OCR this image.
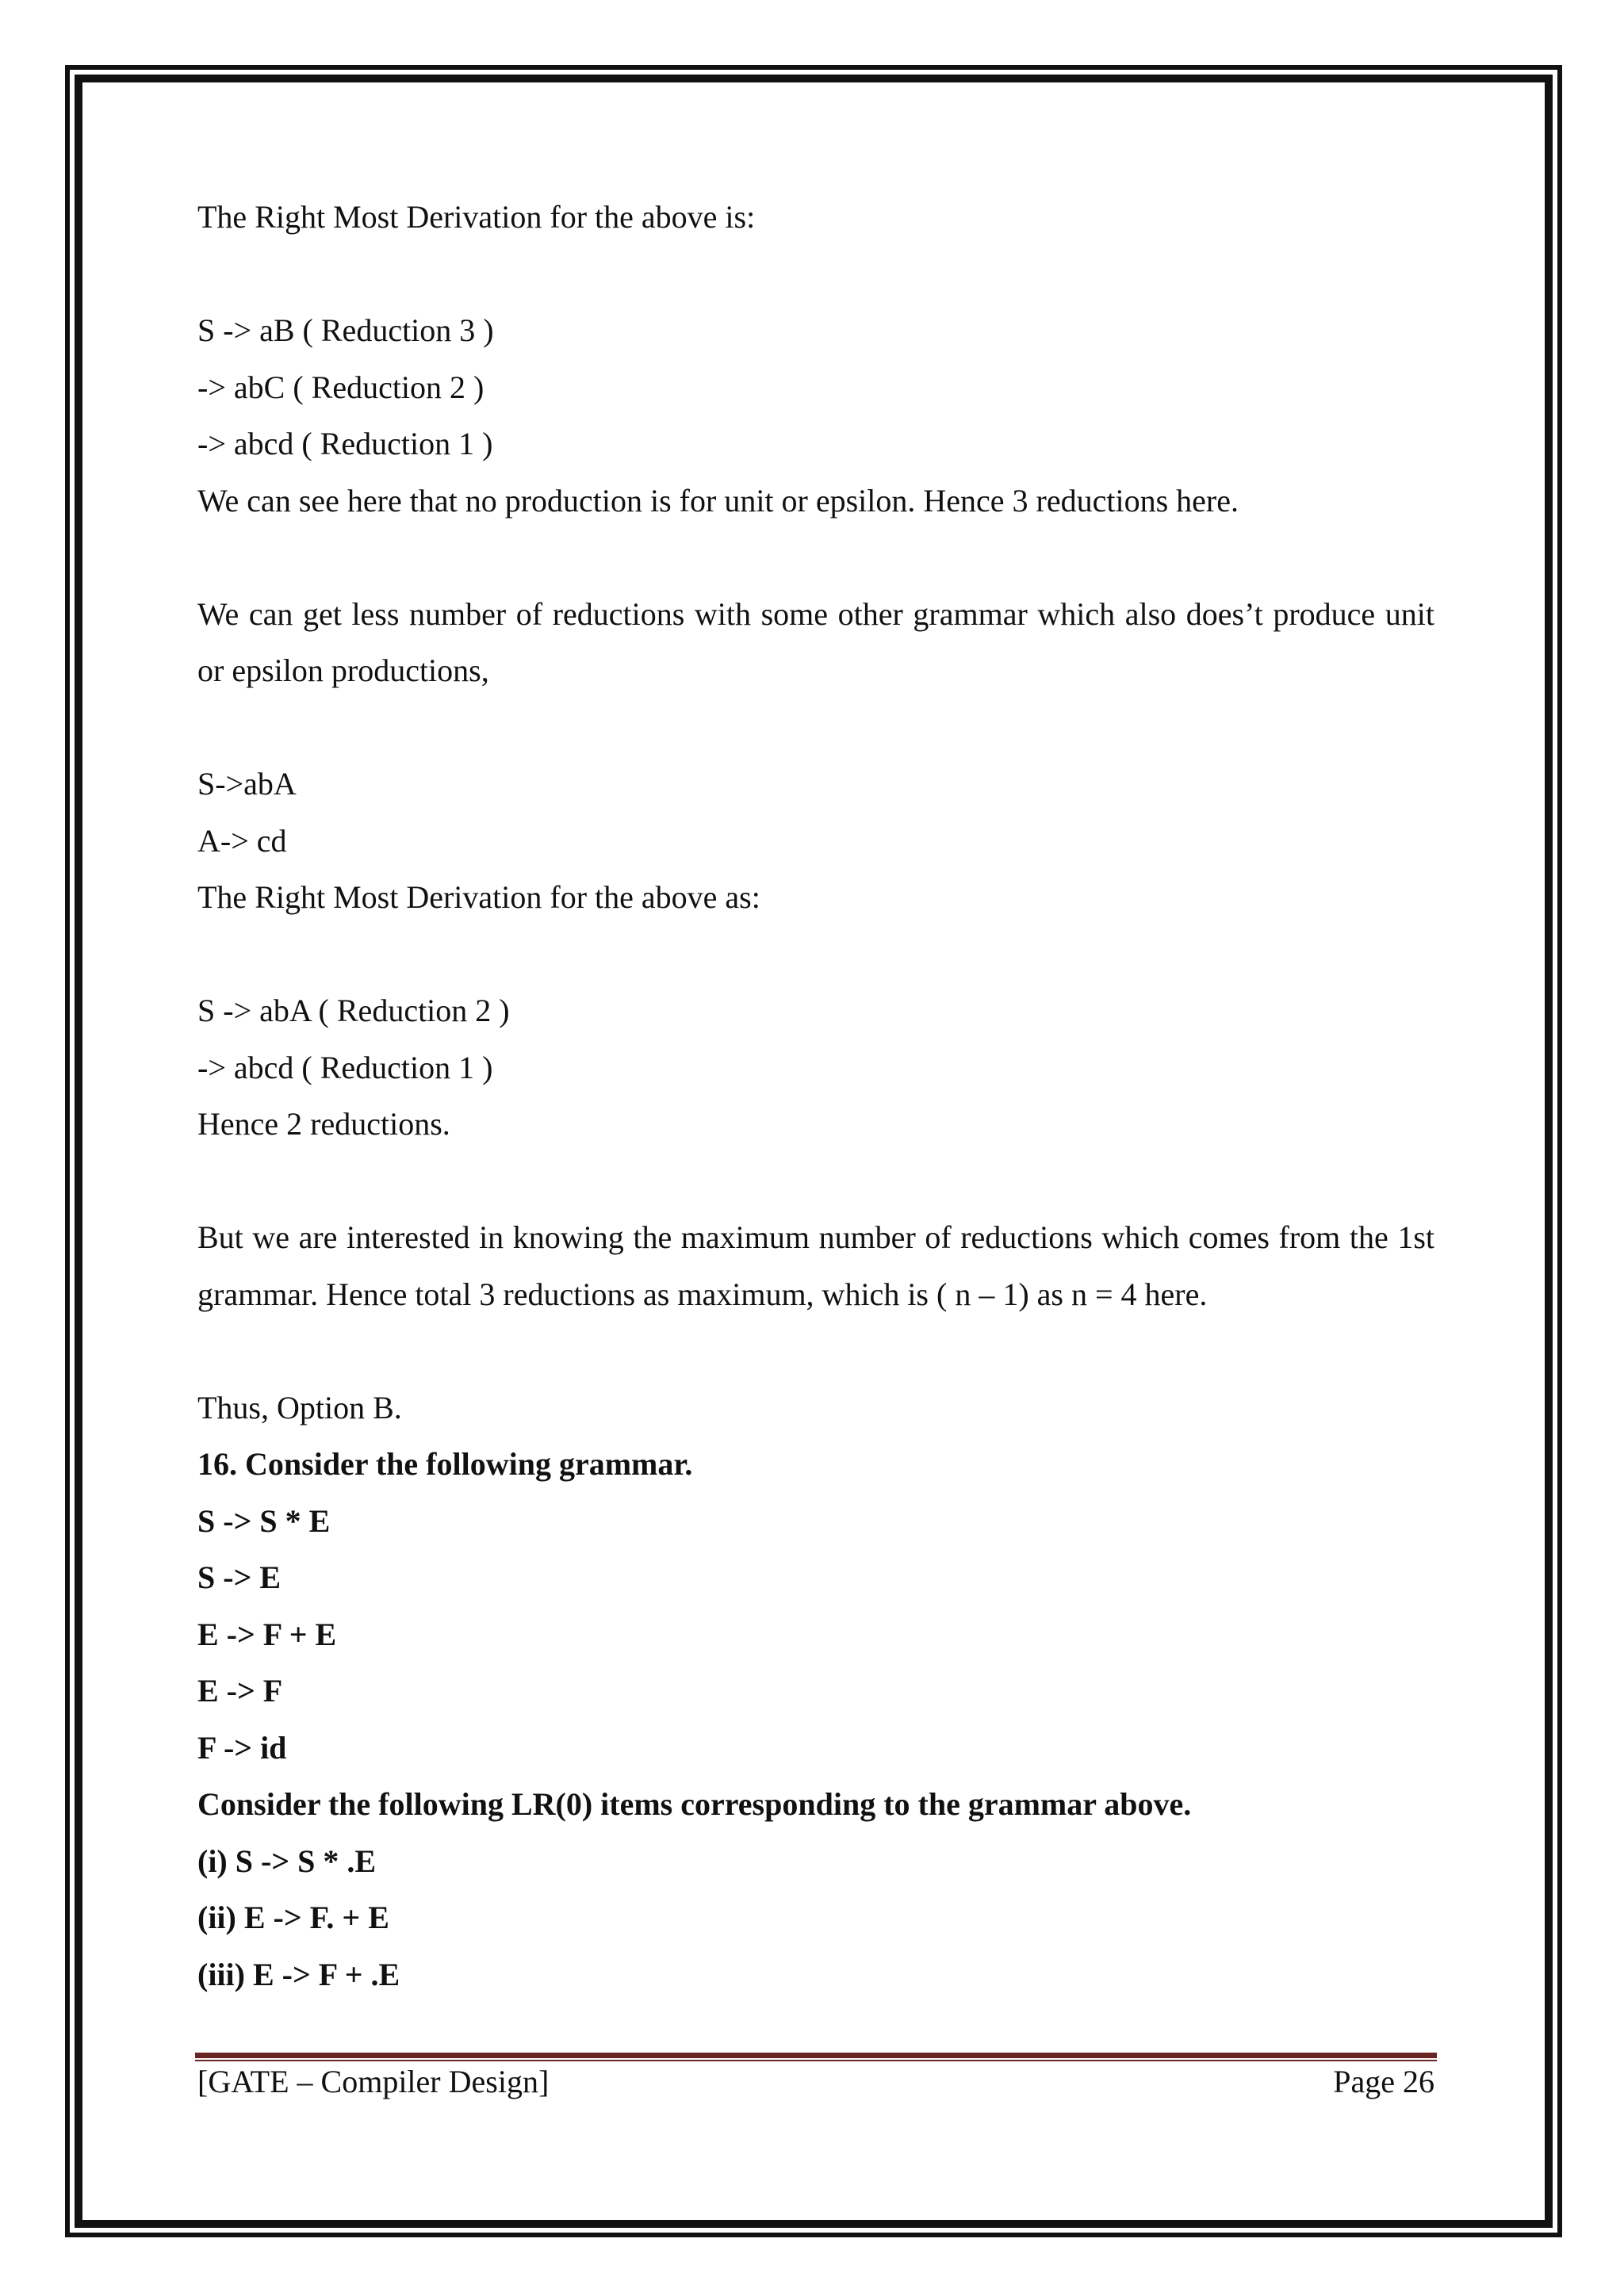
The Right Most Derivation for the above is:

S -> aB ( Reduction 3 )

-> abC ( Reduction 2 )

-> abcd ( Reduction 1 )

We can see here that no production is for unit or epsilon. Hence 3 reductions here.

We can get less number of reductions with some other grammar which also does’t produce unit or epsilon productions,

S->abA

A-> cd

The Right Most Derivation for the above as:

S -> abA ( Reduction 2 )

-> abcd ( Reduction 1 )

Hence 2 reductions.

But we are interested in knowing the maximum number of reductions which comes from the 1st grammar. Hence total 3 reductions as maximum, which is ( n – 1) as n = 4 here.

Thus, Option B.

16. Consider the following grammar.

S -> S * E

S -> E

E -> F + E

E -> F

F -> id

Consider the following LR(0) items corresponding to the grammar above.

(i) S -> S * .E

(ii) E -> F. + E

(iii) E -> F + .E

[GATE – Compiler Design]	Page 26
